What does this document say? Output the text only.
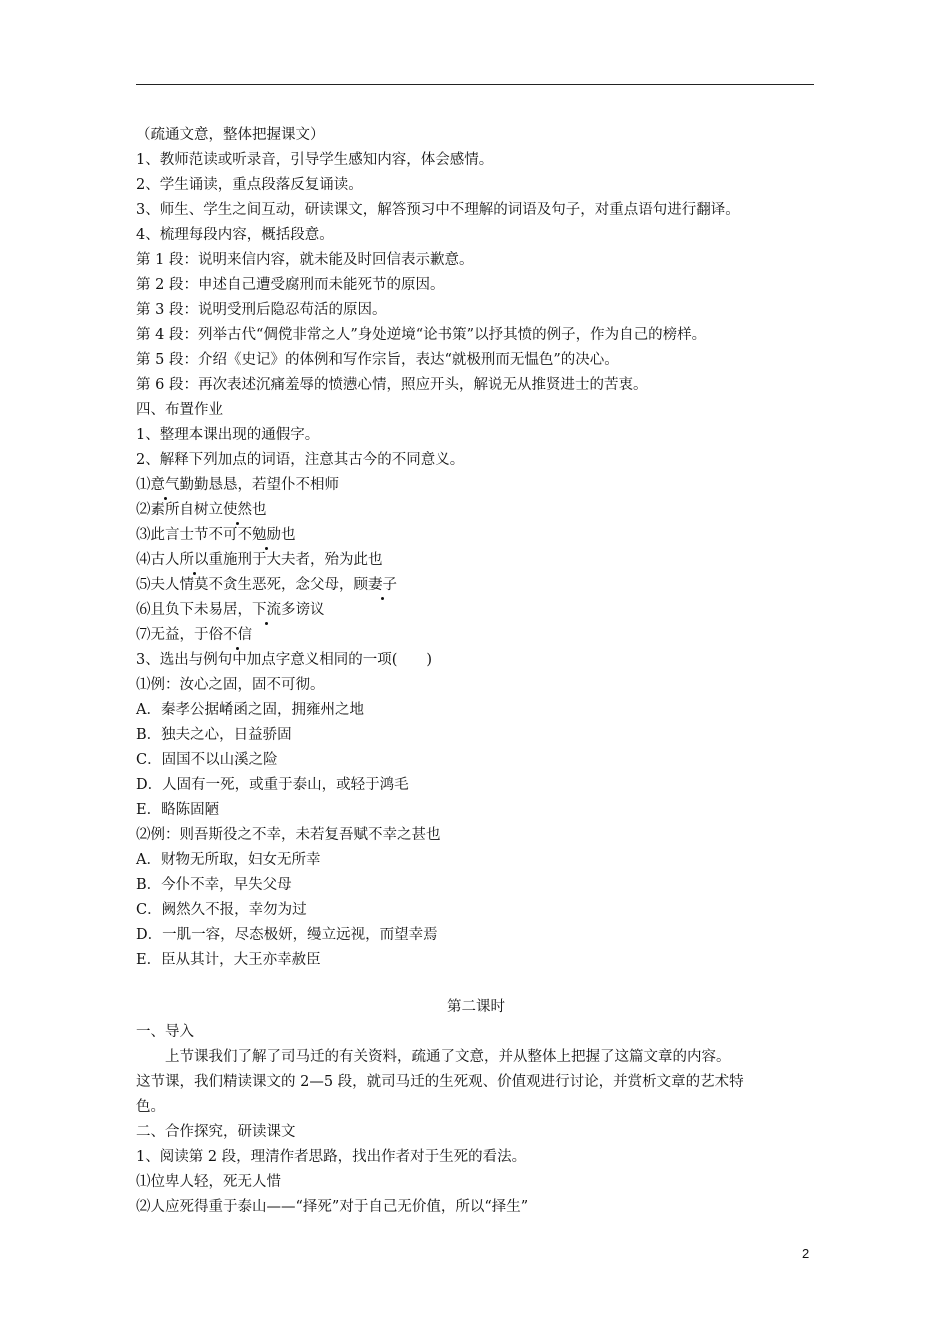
（疏通文意，整体把握课文）
1、教师范读或听录音，引导学生感知内容，体会感情。
2、学生诵读，重点段落反复诵读。
3、师生、学生之间互动，研读课文，解答预习中不理解的词语及句子，对重点语句进行翻译。
4、梳理每段内容，概括段意。
第 1 段：说明来信内容，就未能及时回信表示歉意。
第 2 段：申述自己遭受腐刑而未能死节的原因。
第 3 段：说明受刑后隐忍苟活的原因。
第 4 段：列举古代“倜傥非常之人”身处逆境“论书策”以抒其愤的例子，作为自己的榜样。
第 5 段：介绍《史记》的体例和写作宗旨，表达“就极刑而无愠色”的决心。
第 6 段：再次表述沉痛羞辱的愤懑心情，照应开头，解说无从推贤进士的苦衷。
四、布置作业
1、整理本课出现的通假字。
2、解释下列加点的词语，注意其古今的不同意义。
⑴意气勤勤恳恳，若望仆不相师
⑵素所自树立使然也
⑶此言士节不可不勉励也
⑷古人所以重施刑于大夫者，殆为此也
⑸夫人情莫不贪生恶死，念父母，顾妻子
⑹且负下未易居，下流多谤议
⑺无益，于俗不信
3、选出与例句中加点字意义相同的一项(　　)
⑴例：汝心之固，固不可彻。
A．秦孝公据崤函之固，拥雍州之地
B．独夫之心，日益骄固
C．固国不以山溪之险
D．人固有一死，或重于泰山，或轻于鸿毛
E．略陈固陋
⑵例：则吾斯役之不幸，未若复吾赋不幸之甚也
A．财物无所取，妇女无所幸
B．今仆不幸，早失父母
C．阙然久不报，幸勿为过
D．一肌一容，尽态极妍，缦立远视，而望幸焉
E．臣从其计，大王亦幸赦臣
第二课时
一、导入
上节课我们了解了司马迁的有关资料，疏通了文意，并从整体上把握了这篇文章的内容。
这节课，我们精读课文的 2—5 段，就司马迁的生死观、价值观进行讨论，并赏析文章的艺术特
色。
二、合作探究，研读课文
1、阅读第 2 段，理清作者思路，找出作者对于生死的看法。
⑴位卑人轻，死无人惜
⑵人应死得重于泰山——“择死”对于自己无价值，所以“择生”
2
